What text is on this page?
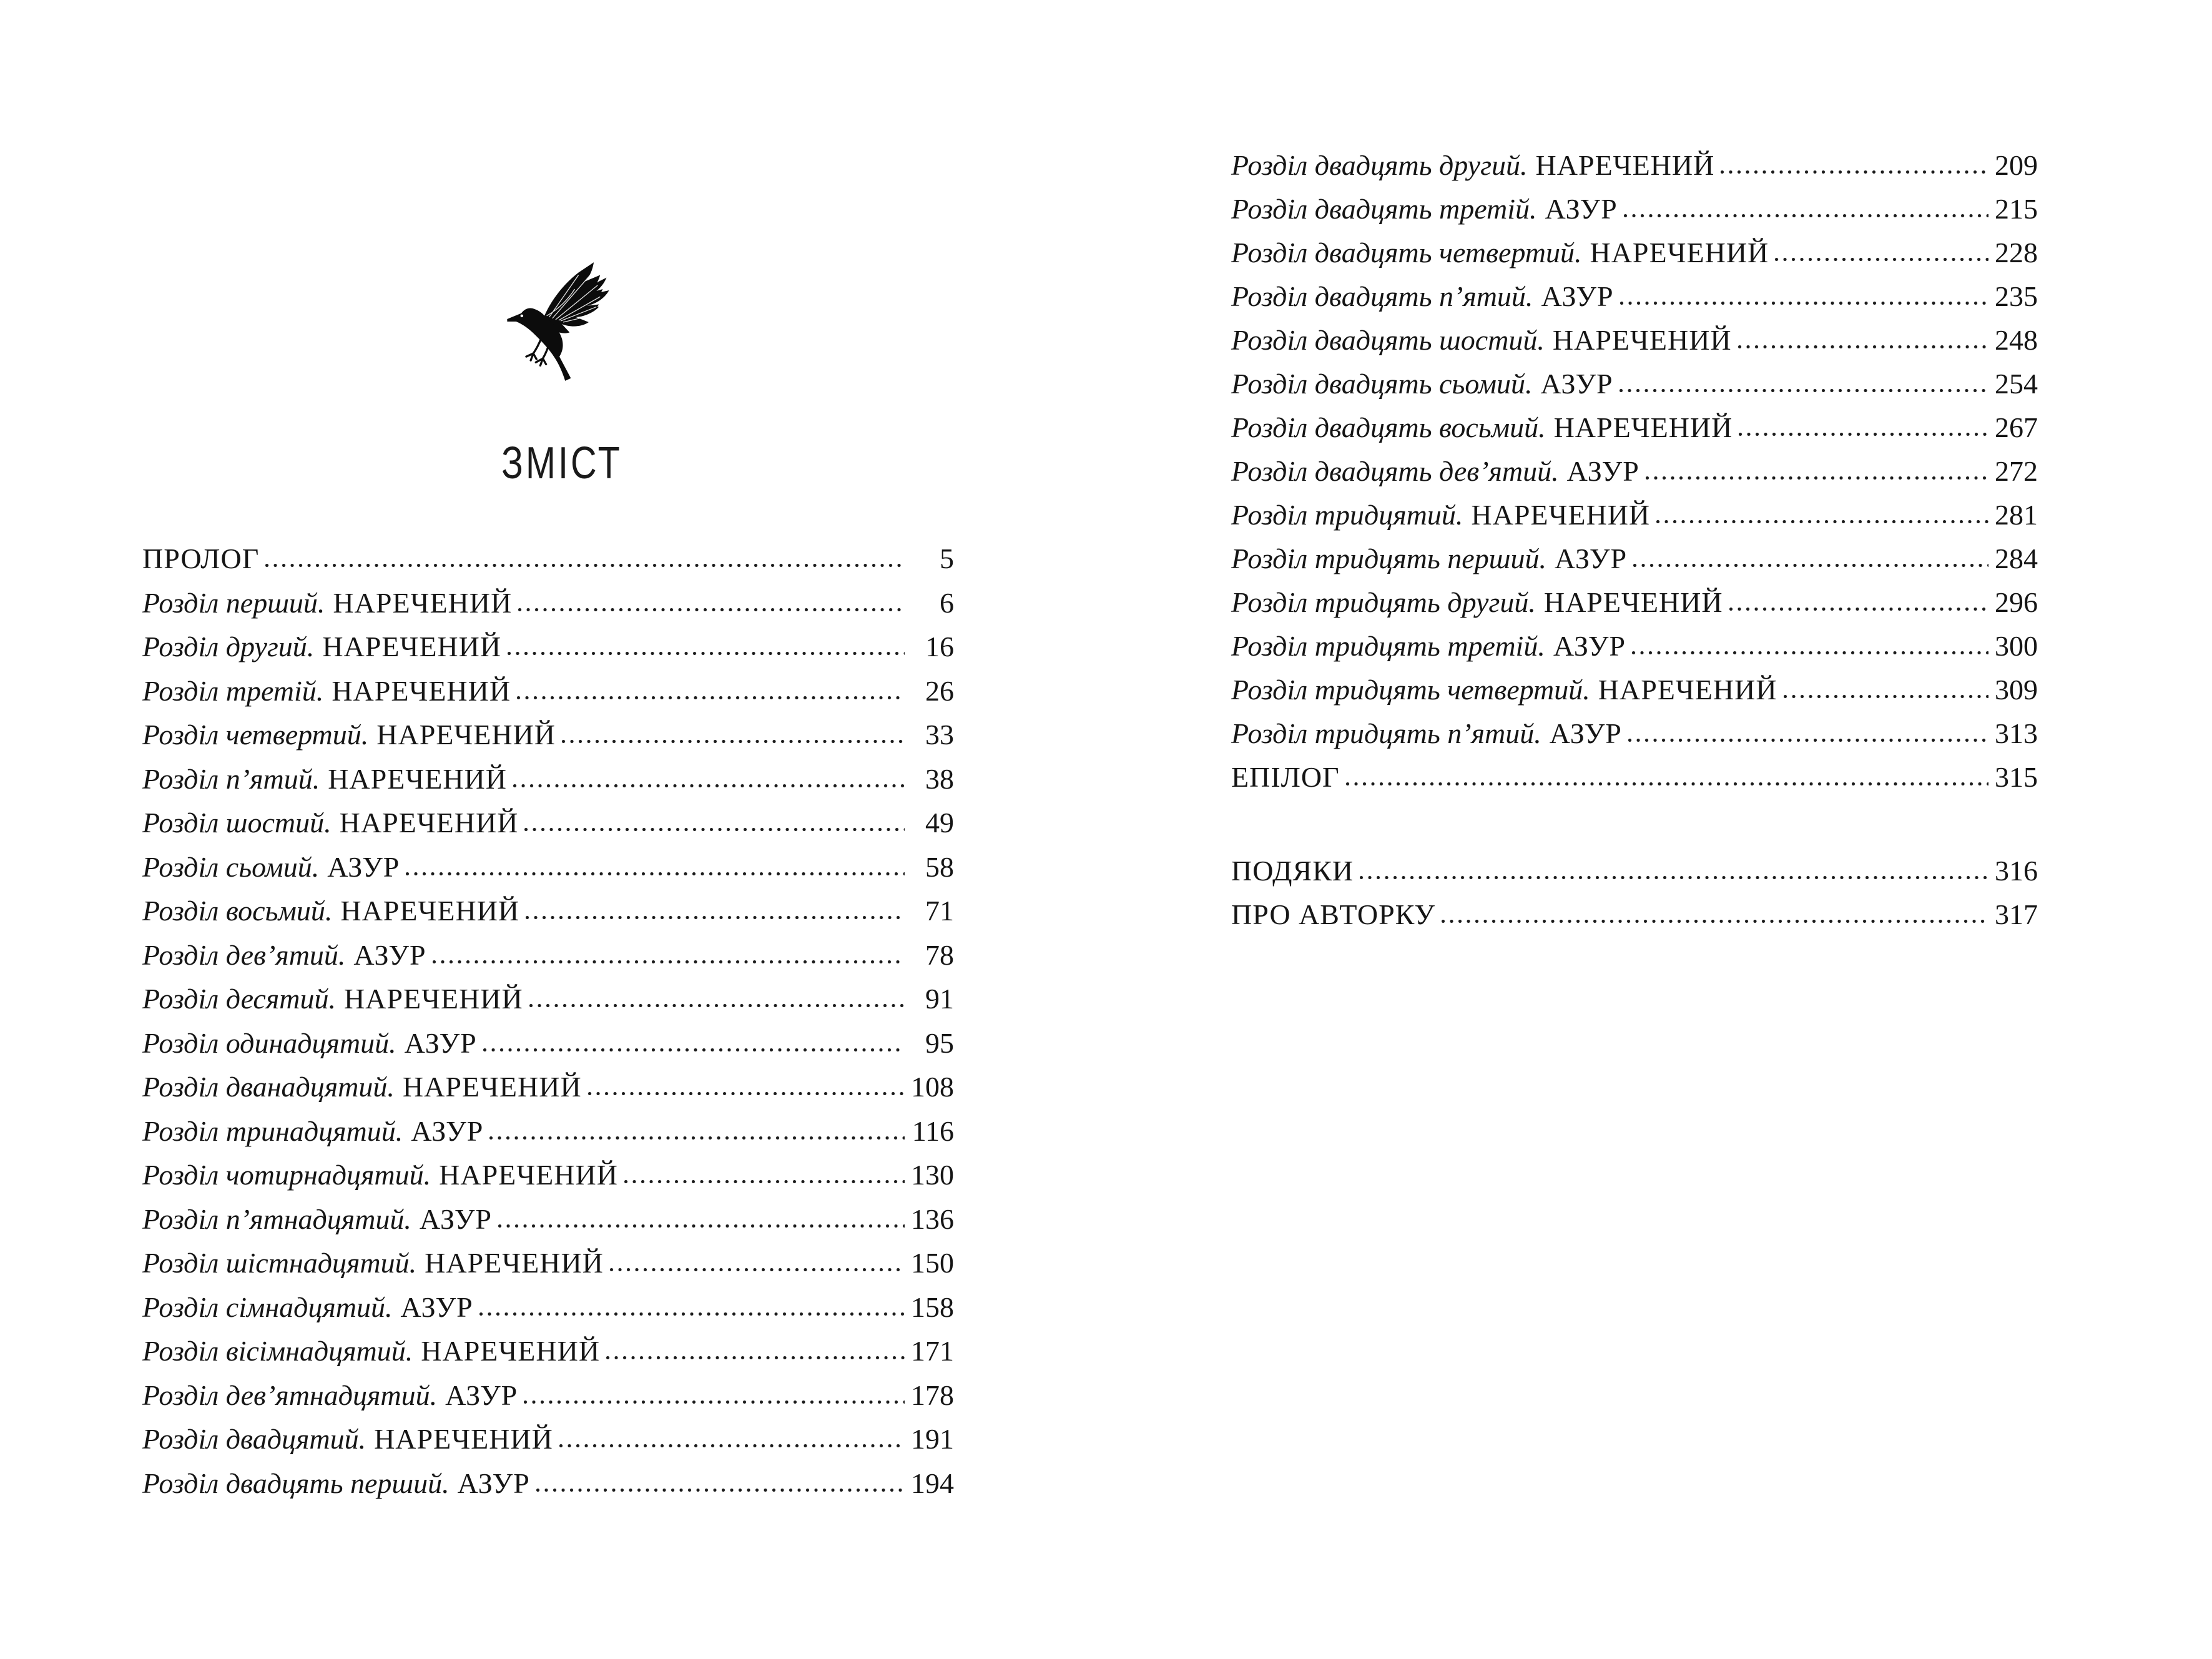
ЗМІСТ
ПРОЛОГ	5
Розділ перший. НАРЕЧЕНИЙ	6
Розділ другий. НАРЕЧЕНИЙ	16
Розділ третій. НАРЕЧЕНИЙ	26
Розділ четвертий. НАРЕЧЕНИЙ	33
Розділ п’ятий. НАРЕЧЕНИЙ	38
Розділ шостий. НАРЕЧЕНИЙ	49
Розділ сьомий. АЗУР	58
Розділ восьмий. НАРЕЧЕНИЙ	71
Розділ дев’ятий. АЗУР	78
Розділ десятий. НАРЕЧЕНИЙ	91
Розділ одинадцятий. АЗУР	95
Розділ дванадцятий. НАРЕЧЕНИЙ	108
Розділ тринадцятий. АЗУР	116
Розділ чотирнадцятий. НАРЕЧЕНИЙ	130
Розділ п’ятнадцятий. АЗУР	136
Розділ шістнадцятий. НАРЕЧЕНИЙ	150
Розділ сімнадцятий. АЗУР	158
Розділ вісімнадцятий. НАРЕЧЕНИЙ	171
Розділ дев’ятнадцятий. АЗУР	178
Розділ двадцятий. НАРЕЧЕНИЙ	191
Розділ двадцять перший. АЗУР	194
Розділ двадцять другий. НАРЕЧЕНИЙ	209
Розділ двадцять третій. АЗУР	215
Розділ двадцять четвертий. НАРЕЧЕНИЙ	228
Розділ двадцять п’ятий. АЗУР	235
Розділ двадцять шостий. НАРЕЧЕНИЙ	248
Розділ двадцять сьомий. АЗУР	254
Розділ двадцять восьмий. НАРЕЧЕНИЙ	267
Розділ двадцять дев’ятий. АЗУР	272
Розділ тридцятий. НАРЕЧЕНИЙ	281
Розділ тридцять перший. АЗУР	284
Розділ тридцять другий. НАРЕЧЕНИЙ	296
Розділ тридцять третій. АЗУР	300
Розділ тридцять четвертий. НАРЕЧЕНИЙ	309
Розділ тридцять п’ятий. АЗУР	313
ЕПІЛОГ	315
ПОДЯКИ	316
ПРО АВТОРКУ	317
